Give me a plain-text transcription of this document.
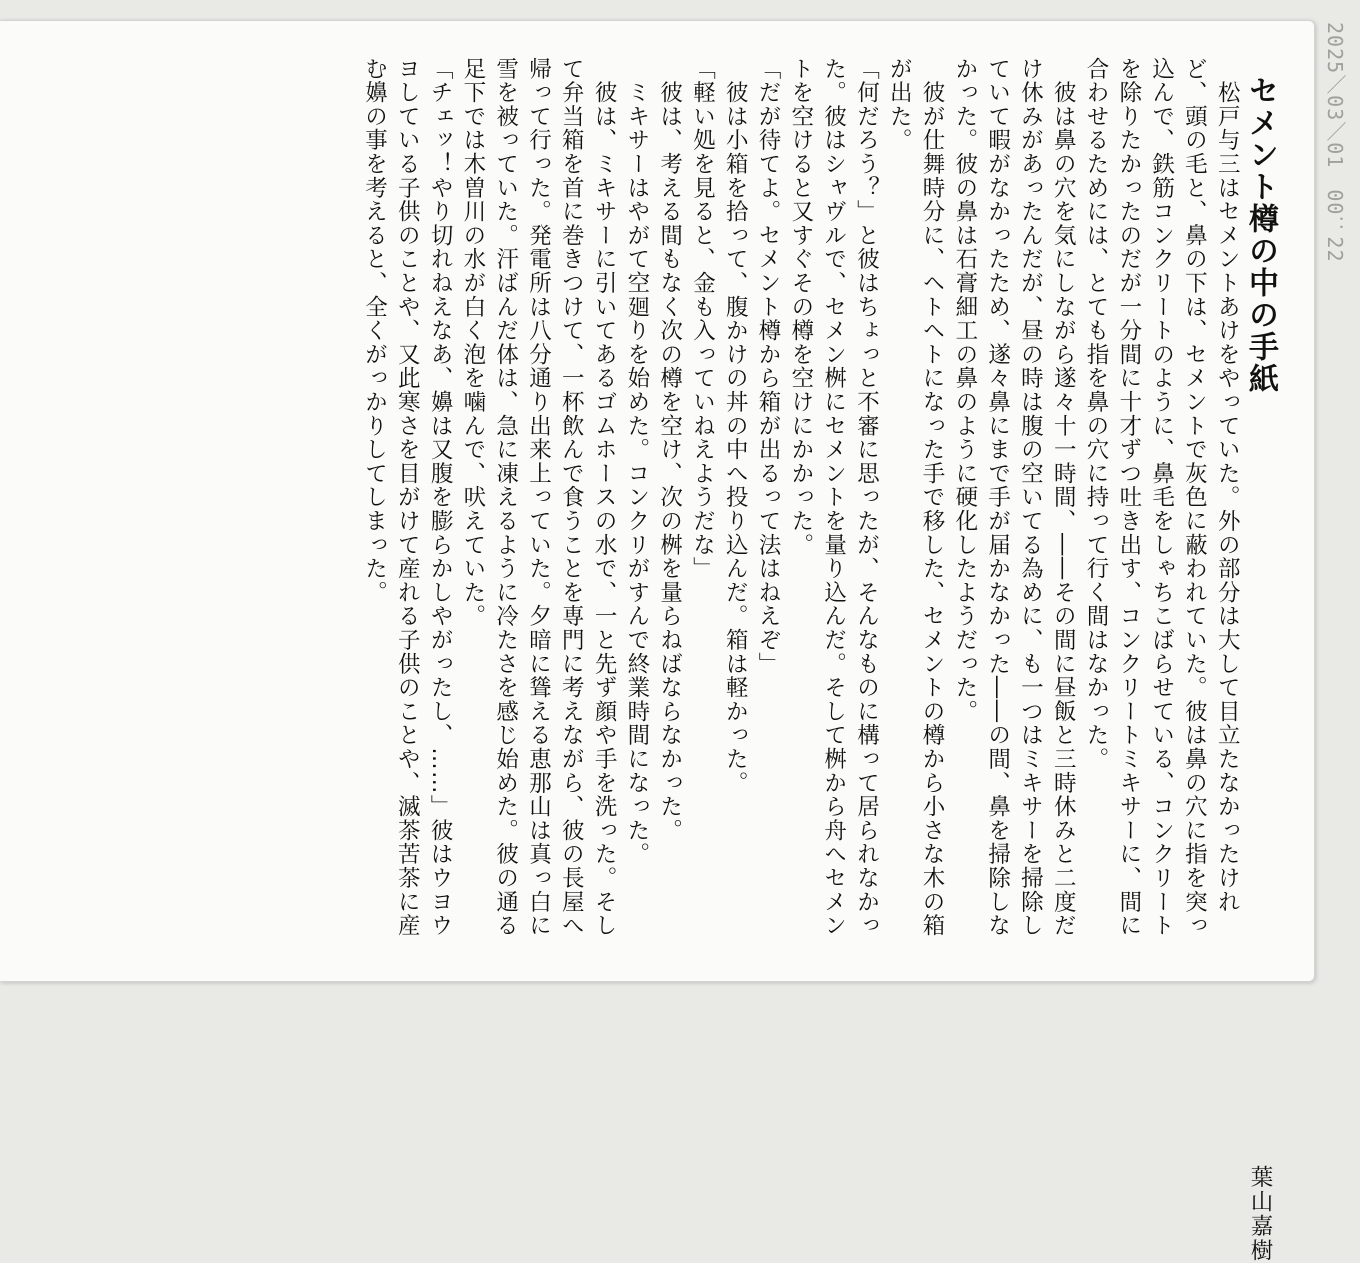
セメント樽の中の手紙 葉山嘉樹
　松戸与三はセメントあけをやっていた。外の部分は大して目立たなかったけれ
ど、頭の毛と、鼻の下は、セメントで灰色に蔽われていた。彼は鼻の穴に指を突っ
込んで、鉄筋コンクリートのように、鼻毛をしゃちこばらせている、コンクリート
を除りたかったのだが一分間に十才ずつ吐き出す、コンクリートミキサーに、間に
合わせるためには、とても指を鼻の穴に持って行く間はなかった。
　彼は鼻の穴を気にしながら遂々十一時間、――その間に昼飯と三時休みと二度だ
け休みがあったんだが、昼の時は腹の空いてる為めに、も一つはミキサーを掃除し
ていて暇がなかったため、遂々鼻にまで手が届かなかった――の間、鼻を掃除しな
かった。彼の鼻は石膏細工の鼻のように硬化したようだった。
　彼が仕舞時分に、ヘトヘトになった手で移した、セメントの樽から小さな木の箱
が出た。
「何だろう？」と彼はちょっと不審に思ったが、そんなものに構って居られなかっ
た。彼はシャヴルで、セメン桝にセメントを量り込んだ。そして桝から舟へセメン
トを空けると又すぐその樽を空けにかかった。
「だが待てよ。セメント樽から箱が出るって法はねえぞ」
　彼は小箱を拾って、腹かけの丼の中へ投り込んだ。箱は軽かった。
「軽い処を見ると、金も入っていねえようだな」
　彼は、考える間もなく次の樽を空け、次の桝を量らねばならなかった。
　ミキサーはやがて空廻りを始めた。コンクリがすんで終業時間になった。
　彼は、ミキサーに引いてあるゴムホースの水で、一と先ず顔や手を洗った。そし
て弁当箱を首に巻きつけて、一杯飲んで食うことを専門に考えながら、彼の長屋へ
帰って行った。発電所は八分通り出来上っていた。夕暗に聳える恵那山は真っ白に
雪を被っていた。汗ばんだ体は、急に凍えるように冷たさを感じ始めた。彼の通る
足下では木曽川の水が白く泡を噛んで、吠えていた。
「チェッ！やり切れねえなあ、嬶は又腹を膨らかしやがったし、……」彼はウヨウ
ヨしている子供のことや、又此寒さを目がけて産れる子供のことや、滅茶苦茶に産
む嬶の事を考えると、全くがっかりしてしまった。	2025／03／01　00：22
